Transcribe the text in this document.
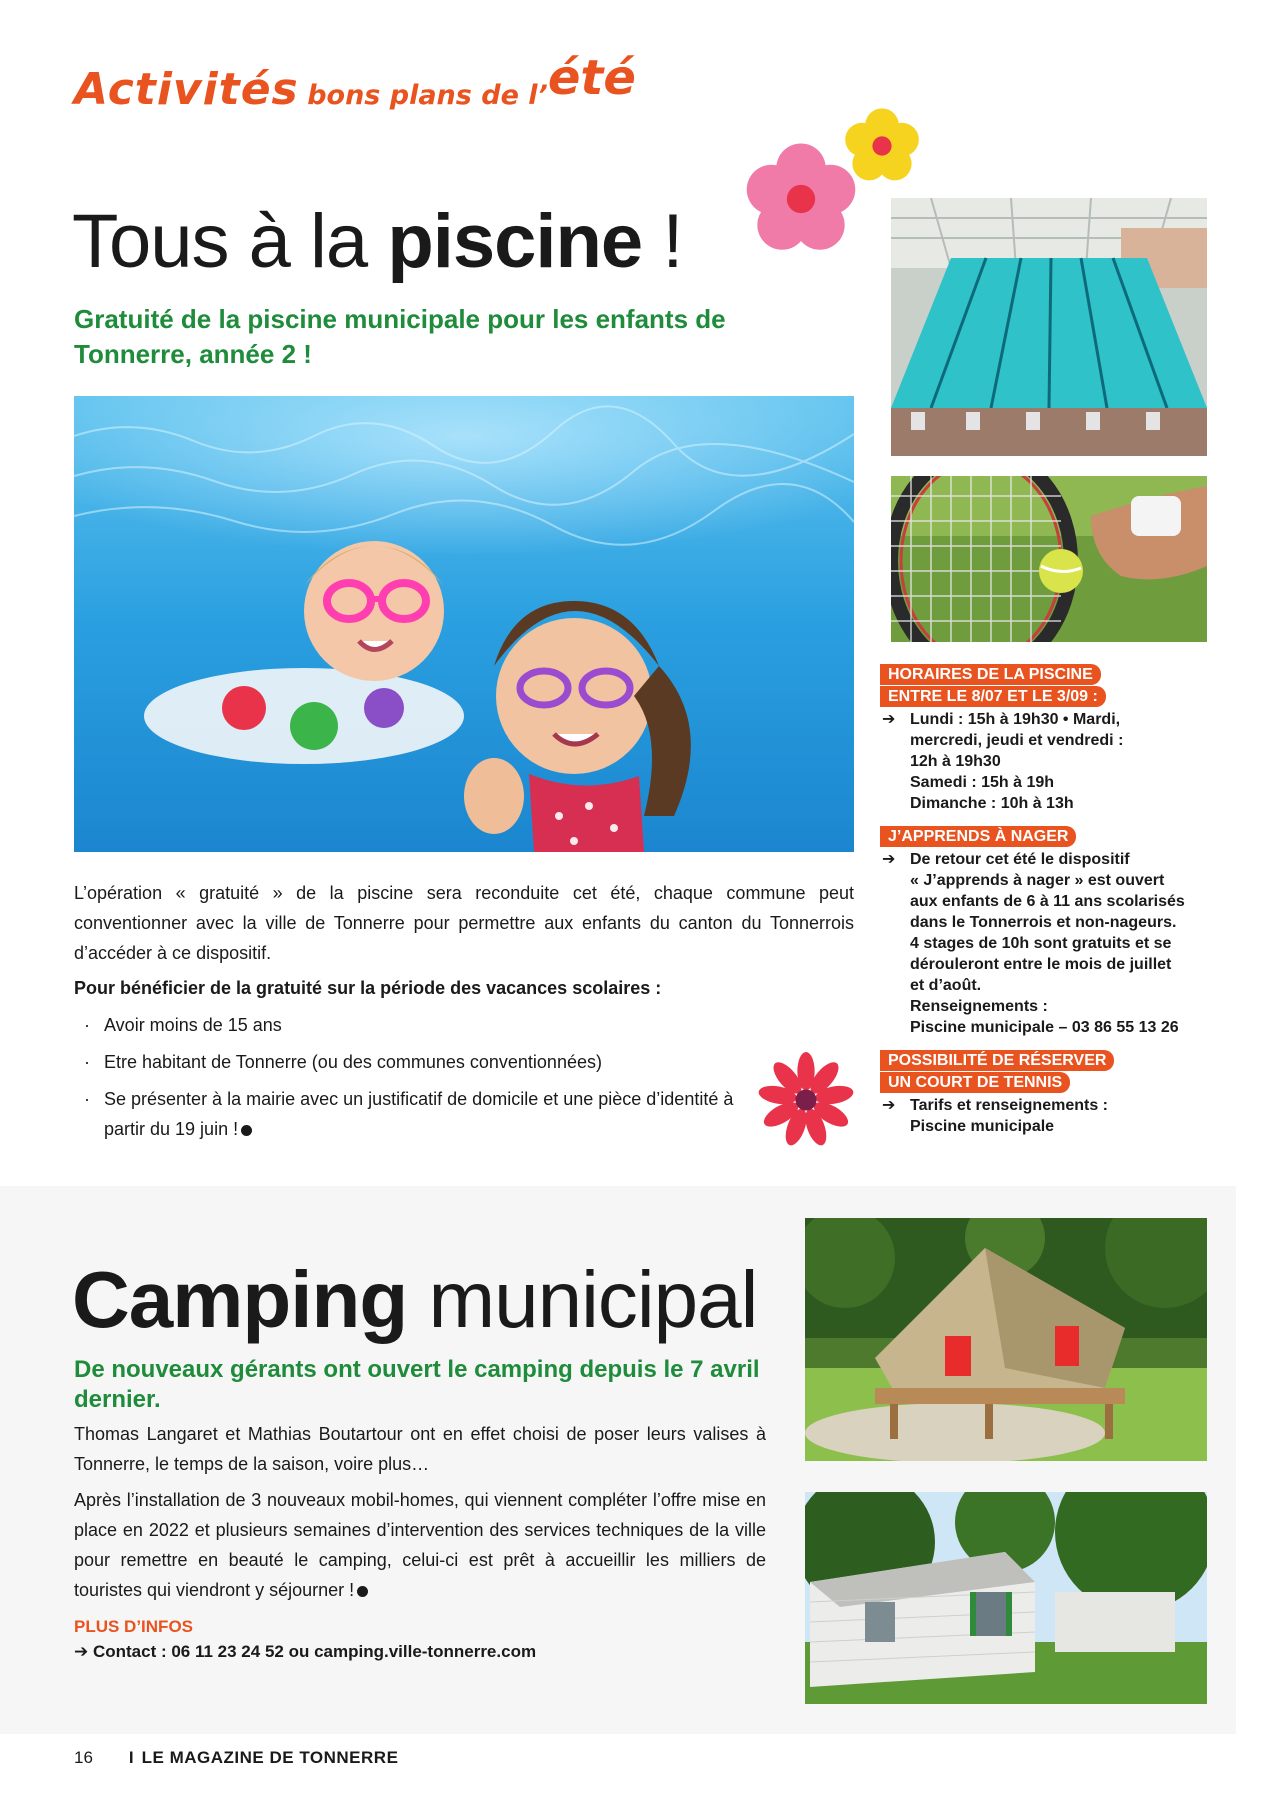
Activités bons plans de l’été
Tous à la piscine !
Gratuité de la piscine municipale pour les enfants de Tonnerre, année 2 !
L’opération « gratuité » de la piscine sera reconduite cet été, chaque commune peut conventionner avec la ville de Tonnerre pour permettre aux enfants du canton du Tonnerrois d’accéder à ce dispositif.
Pour bénéficier de la gratuité sur la période des vacances scolaires :
· Avoir moins de 15 ans
· Etre habitant de Tonnerre (ou des communes conventionnées)
· Se présenter à la mairie avec un justificatif de domicile et une pièce d’identité à partir du 19 juin !
HORAIRES DE LA PISCINE
ENTRE LE 8/07 ET LE 3/09 :
➔ Lundi : 15h à 19h30 • Mardi,
mercredi, jeudi et vendredi :
12h à 19h30
Samedi : 15h à 19h
Dimanche : 10h à 13h
J’APPRENDS À NAGER
➔ De retour cet été le dispositif
« J’apprends à nager » est ouvert
aux enfants de 6 à 11 ans scolarisés
dans le Tonnerrois et non-nageurs.
4 stages de 10h sont gratuits et se
dérouleront entre le mois de juillet
et d’août.
Renseignements :
Piscine municipale – 03 86 55 13 26
POSSIBILITÉ DE RÉSERVER
UN COURT DE TENNIS
➔ Tarifs et renseignements :
Piscine municipale
Camping municipal
De nouveaux gérants ont ouvert le camping depuis le 7 avril dernier.

Thomas Langaret et Mathias Boutartour ont en effet choisi de poser leurs valises à Tonnerre, le temps de la saison, voire plus…

Après l’installation de 3 nouveaux mobil-homes, qui viennent compléter l’offre mise en place en 2022 et plusieurs semaines d’intervention des services techniques de la ville pour remettre en beauté le camping, celui-ci est prêt à accueillir les milliers de touristes qui viendront y séjourner !

PLUS D’INFOS
➔ Contact : 06 11 23 24 52 ou camping.ville-tonnerre.com
16 I LE MAGAZINE DE TONNERRE
